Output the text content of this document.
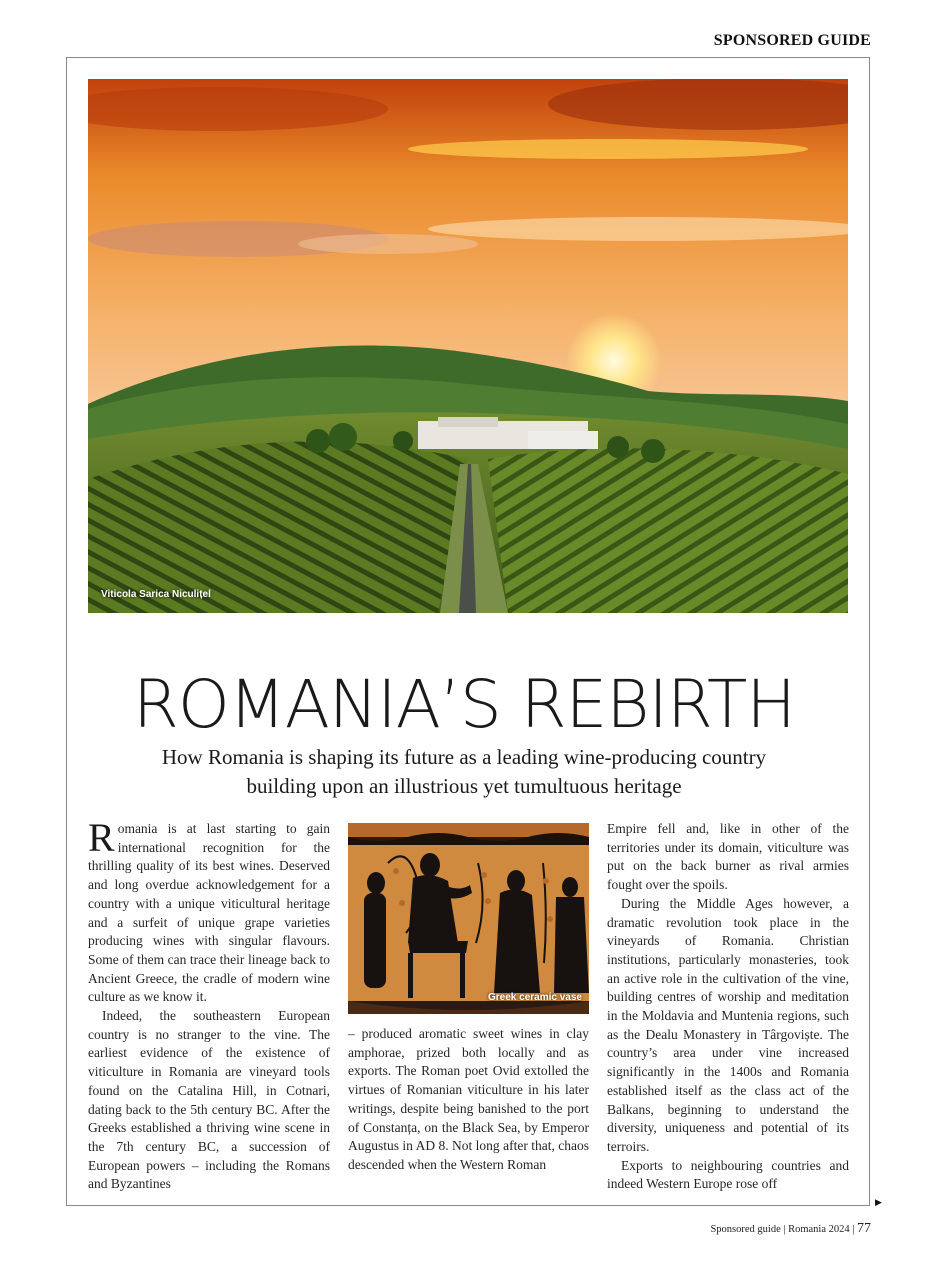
SPONSORED GUIDE
Viticola Sarica Niculițel
ROMANIA’S REBIRTH
How Romania is shaping its future as a leading wine-producing country building upon an illustrious yet tumultuous heritage

Romania is at last starting to gain international recognition for the thrilling quality of its best wines. Deserved and long overdue acknowledgement for a country with a unique viticultural heritage and a surfeit of unique grape varieties producing wines with singular flavours. Some of them can trace their lineage back to Ancient Greece, the cradle of modern wine culture as we know it.

Indeed, the southeastern European country is no stranger to the vine. The earliest evidence of the existence of viticulture in Romania are vineyard tools found on the Catalina Hill, in Cotnari, dating back to the 5th century BC. After the Greeks established a thriving wine scene in the 7th century BC, a succession of European powers – including the Romans and Byzantines

Greek ceramic vase

– produced aromatic sweet wines in clay amphorae, prized both locally and as exports. The Roman poet Ovid extolled the virtues of Romanian viticulture in his later writings, despite being banished to the port of Constanța, on the Black Sea, by Emperor Augustus in AD 8. Not long after that, chaos descended when the Western Roman

Empire fell and, like in other of the territories under its domain, viticulture was put on the back burner as rival armies fought over the spoils.

During the Middle Ages however, a dramatic revolution took place in the vineyards of Romania. Christian institutions, particularly monasteries, took an active role in the cultivation of the vine, building centres of worship and meditation in the Moldavia and Muntenia regions, such as the Dealu Monastery in Târgoviște. The country’s area under vine increased significantly in the 1400s and Romania established itself as the class act of the Balkans, beginning to understand the diversity, uniqueness and potential of its terroirs.

Exports to neighbouring countries and indeed Western Europe rose off

▶
Sponsored guide | Romania 2024 | 77
